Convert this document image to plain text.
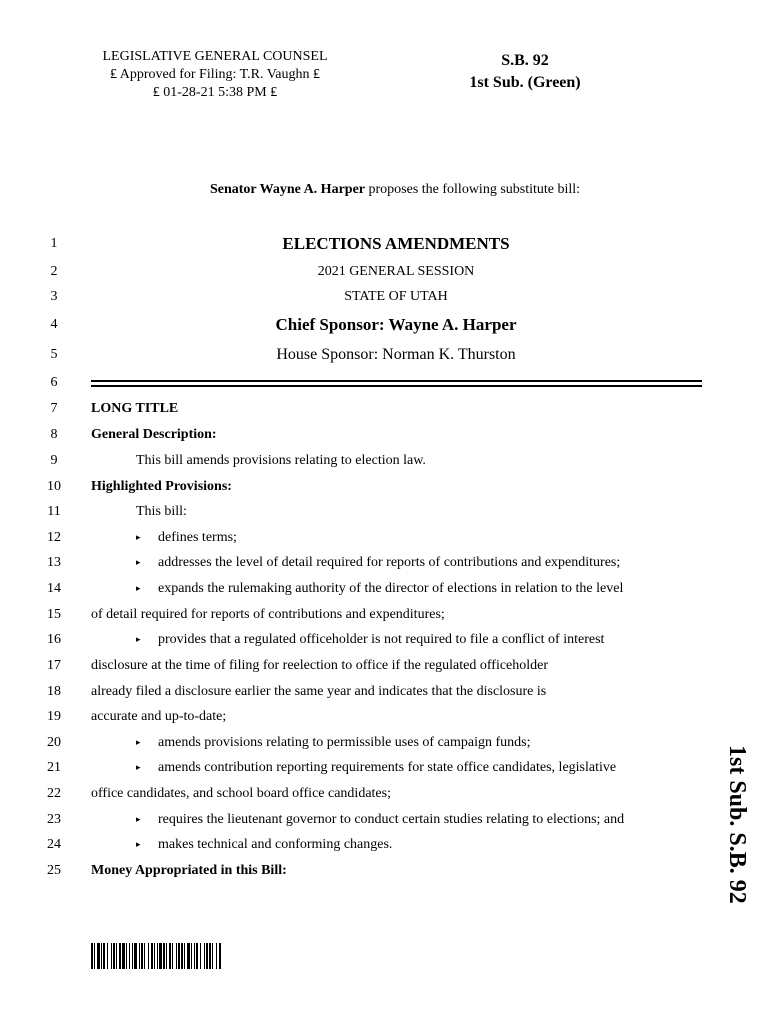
LEGISLATIVE GENERAL COUNSEL
₤ Approved for Filing: T.R. Vaughn ₤
₤ 01-28-21 5:38 PM ₤
S.B. 92
1st Sub. (Green)
Senator Wayne A. Harper proposes the following substitute bill:
1
2
3
4
5
6
7
8
9
10
11
12
13
14
15
16
17
18
19
20
21
22
23
24
25
ELECTIONS AMENDMENTS
2021 GENERAL SESSION
STATE OF UTAH
Chief Sponsor: Wayne A. Harper
House Sponsor: Norman K. Thurston
LONG TITLE
General Description:
This bill amends provisions relating to election law.
Highlighted Provisions:
This bill:
▸ defines terms;
▸ addresses the level of detail required for reports of contributions and expenditures;
▸ expands the rulemaking authority of the director of elections in relation to the level
of detail required for reports of contributions and expenditures;
▸ provides that a regulated officeholder is not required to file a conflict of interest
disclosure at the time of filing for reelection to office if the regulated officeholder
already filed a disclosure earlier the same year and indicates that the disclosure is
accurate and up-to-date;
▸ amends provisions relating to permissible uses of campaign funds;
▸ amends contribution reporting requirements for state office candidates, legislative
office candidates, and school board office candidates;
▸ requires the lieutenant governor to conduct certain studies relating to elections; and
▸ makes technical and conforming changes.
Money Appropriated in this Bill:	1st Sub. S.B. 92
